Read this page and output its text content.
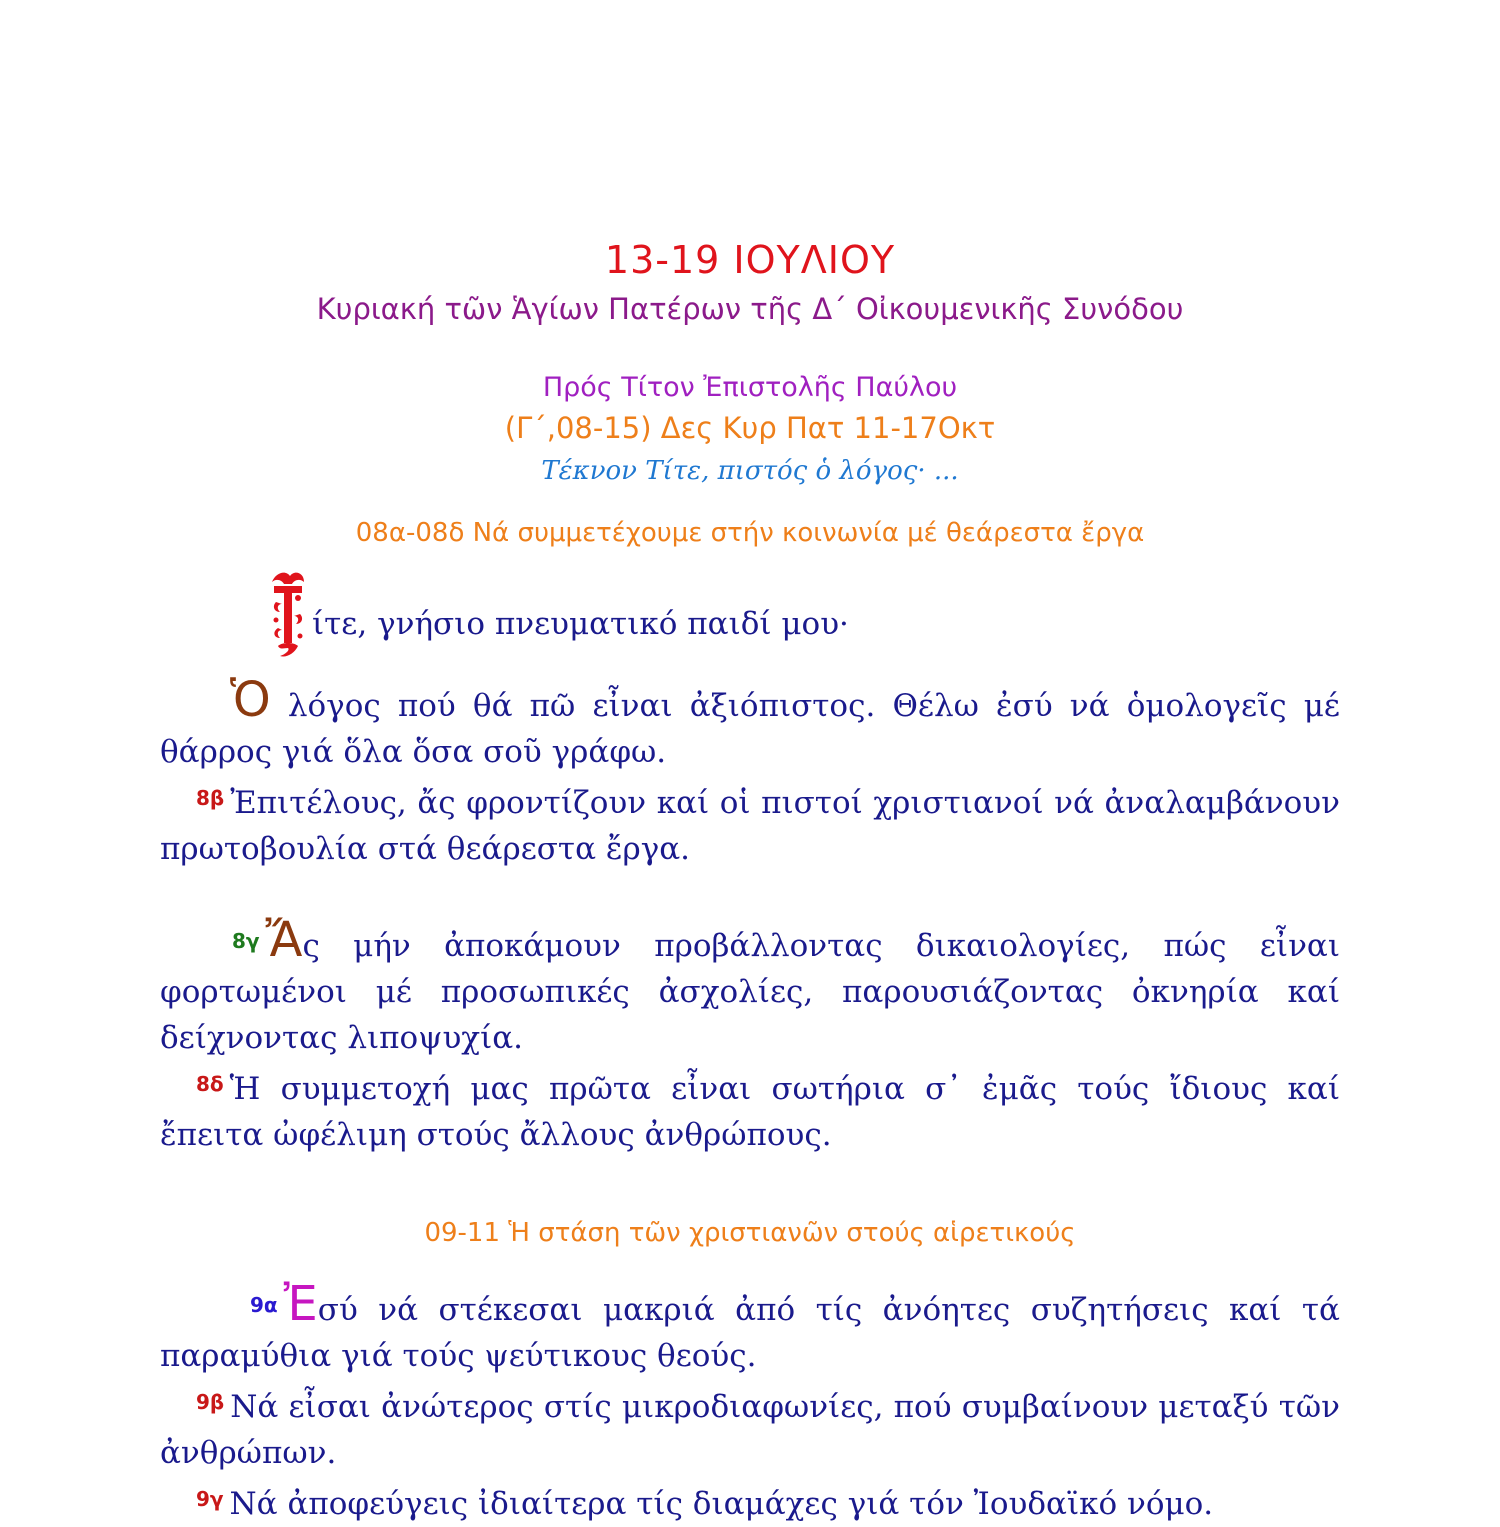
13-19 ΙΟΥΛΙΟΥ
Κυριακή τῶν Ἁγίων Πατέρων τῆς Δ΄ Οἰκουμενικῆς Συνόδου
Πρός Τίτον Ἐπιστολῆς Παύλου
(Γ΄,08-15) Δες Κυρ Πατ 11-17Οκτ
Τέκνον Τίτε, πιστός ὁ λόγος· ...
08α-08δ Νά συμμετέχουμε στήν κοινωνία μέ θεάρεστα ἔργα
ίτε, γνήσιο πνευματικό παιδί μου·

Ὁ λόγος πού θά πῶ εἶναι ἀξιόπιστος. Θέλω ἐσύ νά ὁμολογεῖς μέ θάρρος γιά ὅλα ὅσα σοῦ γράφω.

$^{8\beta}$ Ἐπιτέλους, ἄς φροντίζουν καί οἱ πιστοί χριστιανοί νά ἀναλαμβάνουν πρωτοβουλία στά θεάρεστα ἔργα.

$^{8\gamma}$ Ἄς μήν ἀποκάμουν προβάλλοντας δικαιολογίες, πώς εἶναι φορτωμένοι μέ προσωπικές ἀσχολίες, παρουσιάζοντας ὀκνηρία καί δείχνοντας λιποψυχία.

$^{8\delta}$ Ἡ συμμετοχή μας πρῶτα εἶναι σωτήρια σ᾽ ἐμᾶς τούς ἴδιους καί ἔπειτα ὠφέλιμη στούς ἄλλους ἀνθρώπους.

09-11 Ἡ στάση τῶν χριστιανῶν στούς αἱρετικούς

$^{9\alpha}$ Ἐσύ νά στέκεσαι μακριά ἀπό τίς ἀνόητες συζητήσεις καί τά παραμύθια γιά τούς ψεύτικους θεούς.

$^{9\beta}$ Νά εἶσαι ἀνώτερος στίς μικροδιαφωνίες, πού συμβαίνουν μεταξύ τῶν ἀνθρώπων.

$^{9\gamma}$ Νά ἀποφεύγεις ἰδιαίτερα τίς διαμάχες γιά τόν Ἰουδαϊκό νόμο.
